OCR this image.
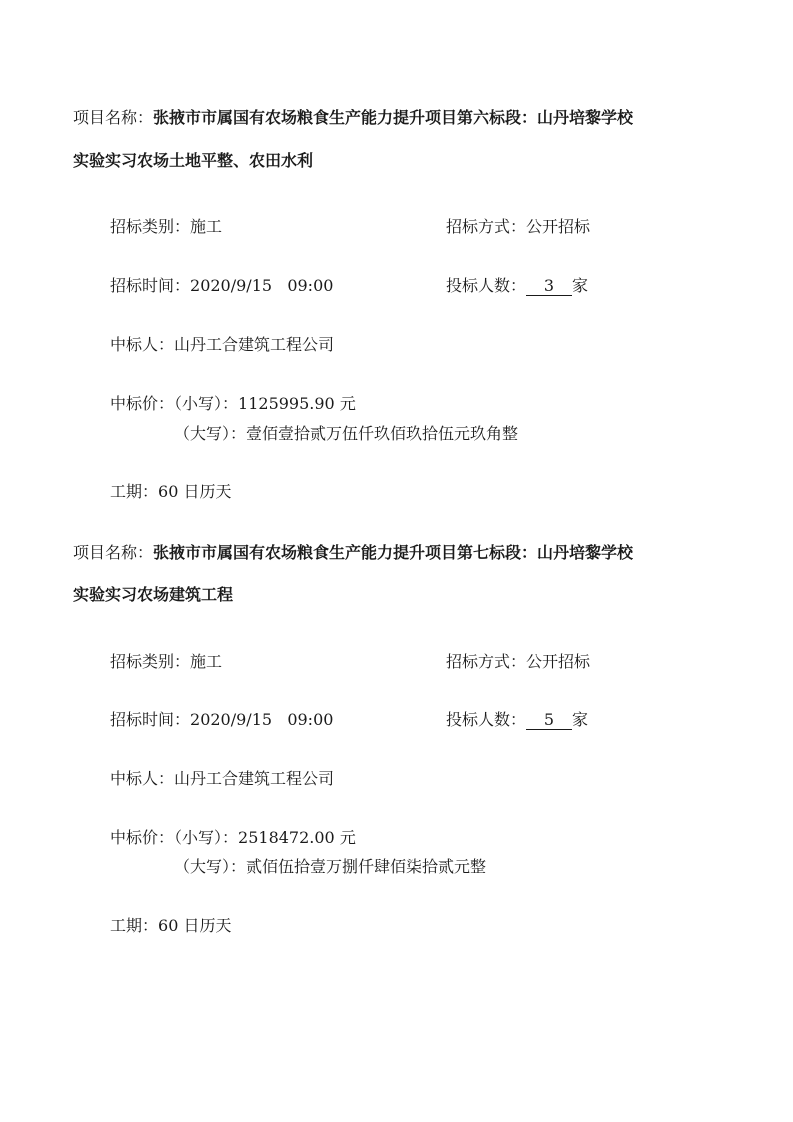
项目名称：张掖市市属国有农场粮食生产能力提升项目第六标段：山丹培黎学校
实验实习农场土地平整、农田水利
招标类别：施工	招标方式：公开招标
招标时间：2020/9/15   09:00	投标人数： 3 家
中标人：山丹工合建筑工程公司
中标价：（小写）：1125995.90 元
（大写）：壹佰壹拾贰万伍仟玖佰玖拾伍元玖角整
工期：60 日历天
项目名称：张掖市市属国有农场粮食生产能力提升项目第七标段：山丹培黎学校
实验实习农场建筑工程
招标类别：施工	招标方式：公开招标
招标时间：2020/9/15   09:00	投标人数： 5 家
中标人：山丹工合建筑工程公司
中标价：（小写）：2518472.00 元
（大写）：贰佰伍拾壹万捌仟肆佰柒拾贰元整
工期：60 日历天
